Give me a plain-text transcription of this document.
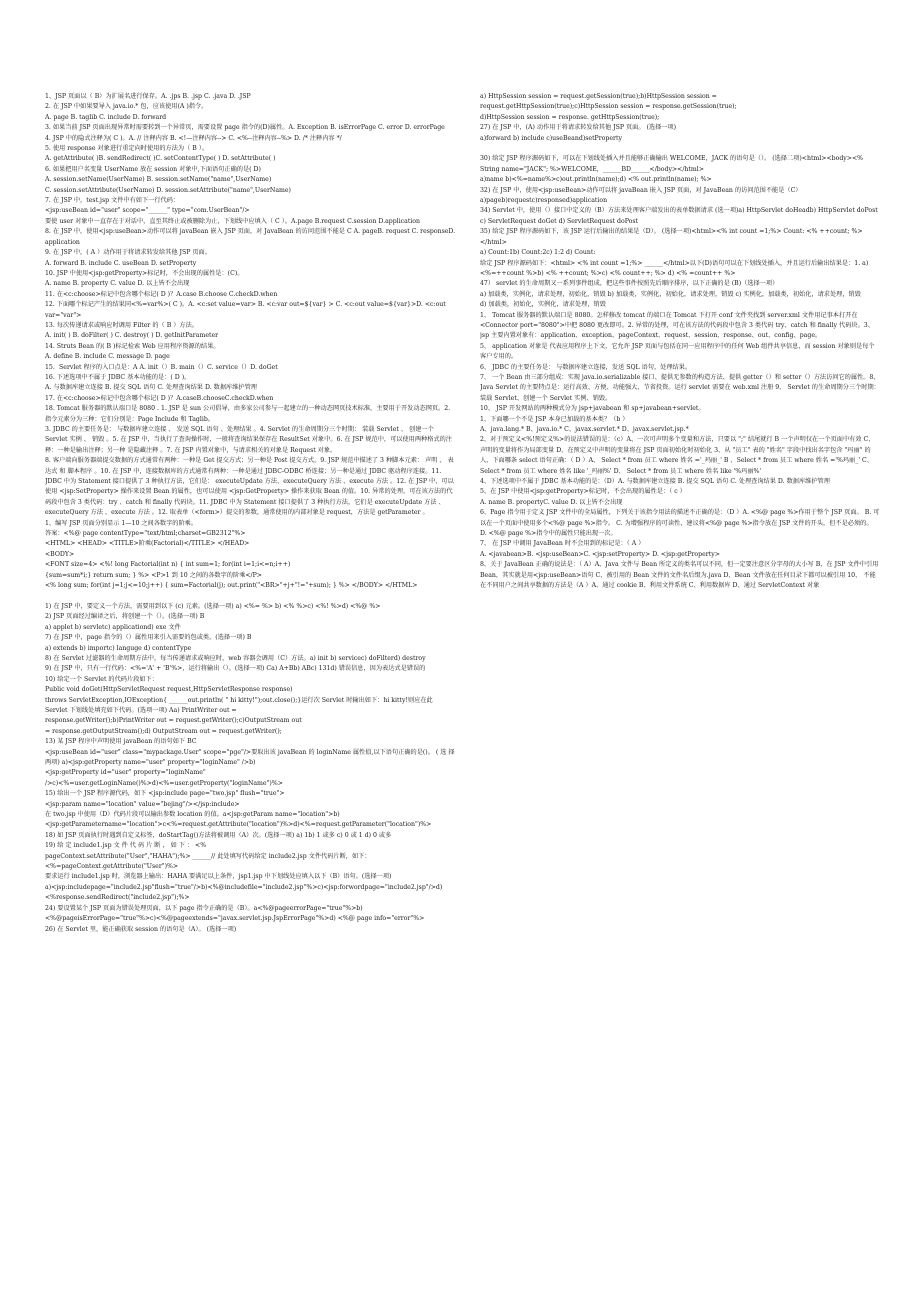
1、JSP 页面以（ B）为扩展名进行保存。A. .jps B. .jsp C. .java D. .JSP
2. 在 JSP 中如果要导入 java.io.* 包，应该使用(A )指令。
A. page B. taglib C. include D. forward
3. 如果当前 JSP 页面出现异常时需要转到一个异常页，需要设置 page 指令的(D)属性。A. Exception B. isErrorPage C. error D. errorPage
4. JSP 中的隐式注释为( C )。A. // 注释内容 B. <!—注释内容--> C. <%--注释内容--%> D. /* 注释内容 */
5. 使用 response 对象进行重定向时使用的方法为（ B ）。
A. getAttribute( )B. sendRedirect( )C. setContentType( ) D. setAttribute( )
6. 如果把用户名变量 UserName 放在 session 对象中,下面语句正确的是( D)
A. session.setName(UserName) B. session.setName("name",UserName)
C. session.setAttribute(UserName) D. session.setAttribute("name",UserName)
7. 在 JSP 中，test.jsp 文件中有如下一行代码：
<jsp:useBean id="user" scope="______" type="com.UserBean"/>
要使 user 对象中一直存在于对话中，直至其终止或被删除为止，下划线中应填入（ C ）。A.page B.request C.session D.application
8. 在 JSP 中，使用<jsp:useBean>动作可以将 javaBean 嵌入 JSP 页面，对 JavaBean 的访问范围不能是 C A. pageB. request C. responseD. application
9. 在 JSP 中，( A ）动作用于将请求转发给其他 JSP 页面。
A. forward B. include C. useBean D. setProperty
10. JSP 中使用<jsp:getProperty>标记时，不会出现的属性是：(C)。
A. name B. property C. value D. 以上皆不会出现
11. 在<c:choose>标记中包含哪个标记( D )？A.case B.choose C.checkD.when
12. 下面哪个标记产生的结果同<%=var%>( C )。A. <c:set value=var> B. <c:var out=${var} > C. <c:out value=${var}>D. <c:out var="var">
13. 每次传递请求或响应时调用 Filter 的（ B ）方法。
A. init( ) B. doFilter( ) C. destroy( ) D. getInitParameter
14. Struts Bean 的( B )标记检索 Web 应用程序资源的结果。
A. define B. include C. message D. page
15．Servlet 程序的入口点是：A A. init（）B. main（）C. service（）D. doGet
16. 下述选项中不属于 JDBC 基本功能的是：( D )。
A. 与数据库建立连接 B. 提交 SQL 语句 C. 处理查询结果 D. 数据库维护管理
17. 在<c:choose>标记中包含哪个标记( D )？A.caseB.chooseC.checkD.when
18. Tomcat 服务器的默认端口是 8080 . 1. JSP 是 sun 公司倡导，由多家公司参与一起建立的一种动态网页技术标准，主要用于开发动态网页。2. 指令元素分为三种：它们分别是：Page Include 和 Taglib。
3. JDBC 的主要任务是： 与数据库建立连接 、 发送 SQL 语句 、处理结果 。4. Servlet 的生命周期分三个时期： 装载 Servlet 、 创建一个 Servlet 实例 、 销毁 。5. 在 JSP 中，当执行了查询操作时，一般将查询结果保存在 ResultSet 对象中。6. 在 JSP 规范中，可以使用两种格式的注释：一种是输出注释；另一种 是隐藏注释 。7. 在 JSP 内置对象中，与请求相关的对象是 Request 对象。
8. 客户端向服务器端提交数据的方式通常有两种：一种是 Get 提交方式；另一种是 Post 提交方式。9. JSP 规范中描述了 3 种脚本元素： 声明 、 表达式 和 脚本程序 。10. 在 JSP 中，连接数据库的方式通常有两种：一种是通过 JDBC-ODBC 桥连接；另一种是通过 JDBC 驱动程序连接。11. JDBC 中为 Statement 接口提供了 3 种执行方法，它们是： executeUpdate 方法、executeQuery 方法 、execute 方法 。12. 在 JSP 中，可以使用 <jsp:SetProperty> 操作来设置 Bean 的属性，也可以使用 <jsp:GetProperty> 操作来获取 Bean 的值。10. 异常的处理，可在该方法的代码段中包含 3 类代码：try 、catch 和 finally 代码块。11. JDBC 中为 Statement 接口提供了 3 种执行方法，它们是 executeUpdate 方法 、executeQuery 方法 、execute 方法 。12. 取表单（<form>）提交的参数，通常使用的内部对象是 request，方法是 getParameter 。
1、编写 JSP 页面分别显示 1—10 之间各数字的阶乘。
答案：<%@ page contentType="text/html;charset=GB2312"%>
<HTML> <HEAD> <TITLE>阶乘(Factorial)</TITLE> </HEAD>
<BODY>
<FONT size=4> <%! long Factorial(int n) { int sum=1; for(int i=1;i<=n;i++)
{sum=sum*i;} return sum; } %> <P>1 到 10 之间的各数字的阶乘</P>
<% long sum; for(int j=1;j<=10;j++) { sum=Factorial(j); out.print("<BR>"+j+"!="+sum); } %> </BODY> </HTML>

1) 在 JSP 中，要定义一个方法，需要用到以下 (c) 元素。(选择一项) a) <%= %> b) <% %>c) <%! %>d) <%@ %>
2) JSP 页面经过编译之后，将创建一个（）。(选择一项) B
a) applet b) servletc) applicationd) exe 文件
7) 在 JSP 中，page 指令的（）属性用来引入需要的包或类。(选择一项) B
a) extends b) importc) languge d) contentType
8) 在 Servlet 过滤器的生命周期方法中，每当传递请求或响应时，web 容器会调用（C）方法。a) init b) servicec) doFilterd) destroy
9) 在 JSP 中，只有一行代码：<%='A' + 'B'%>，运行将输出（）。(选择一项) Ca) A+Bb) ABc) 131d) 错误信息，因为表达式是错误的
10) 给定一个 Servlet 的代码片段如下：
Public void doGet(HttpServletRequest request,HttpServletResponse response)
throws ServletException,IOException{ ______out.println( " hi kitty!");out.close();}运行次 Servlet 时输出如下：hi kitty!则应在此 Servlet 下划线处填充如下代码。(选项一项) Aa) PrintWriter out =
response.getWriter();b)PrintWriter out = request.getWriter();c)OutputStream out
= response.getOutputStream();d) OutputStream out = request.getWriter();
13) 某 JSP 程序中声明使用 javaBean 的语句如下 BC
<jsp:useBean id="user" class="mypackage.User" scope="pge"/>要取出该 javaBean 的 loginName 属性值,以下语句正确的是()。 ( 选 择 两项) a)<jsp:getProperty name="user" property="loginName" />b)
<jsp:getProperty id="user" property="loginName"
/>c)<%=user.getLoginName()%>d)<%=user.getProperty("loginName")%>
15) 给出一个 JSP 程序源代码，如下 <jsp:include page="two.jsp" flush="true">
<jsp:param name="location" value="bejing"/></jsp:include>
在 two.jsp 中使用（D）代码片段可以输出参数 location 的值。a<jsp:getParam name="location">b)<jsp:getParametername="location">c<%=request.getAttribute("location")%>d)<%=request.getParameter("location")%>
18) 如 JSP 页面执行时遇到自定义标签，doStartTag()方法将被调用（A）次。(选择一项) a) 1b) 1 或多 c) 0 或 1 d) 0 或多
19) 给 定 include1.jsp 文 件 代 码 片 断 ， 如 下 ： <%
pageContext.setAttribute("User","HAHA");%> ______// 此处填写代码给定 include2.jsp 文件代码片断，如下：<%=pageContext.getAttribute("User")%>
要求运行 include1.jsp 时，浏览器上输出：HAHA 要满足以上条件，jsp1.jsp 中下划线处应填入以下（B）语句。(选择一项)
a)<jsp:includepage="include2.jsp"flush="true"/>b)<%@includefile="include2.jsp"%>c)<jsp:forwordpage="include2.jsp"/>d)<%response.sendRedirect("include2.jsp");%>
24) 要设置某个 JSP 页面为错误处理页面，以下 page 指令正确的是（B）。a<%@pageerrorPage="true"%>b)<%@pageisErrorPage="true"%>c)<%@pageextends="javax.servlet.jsp.JspErrorPage"%>d) <%@ page info="error"%>
26) 在 Servlet 里，能正确获取 session 的语句是（A）。 (选择一项)
a) HttpSession session = request.getSession(true);b)HttpSession session =
request.getHttpSession(true);c)HttpSession session = response.getSession(true);
d)HttpSession session = response. getHttpSession(true);
27) 在 JSP 中，(A) 动作用于将请求转发给其他 JSP 页面。 (选择一项)
a)forward b) include c)useBeand)setProperty

30) 给定 JSP 程序源码如下，可以在下划线处插入并且能够正确输出 WELCOME，JACK 的语句是（）。 (选择二项)<html><body><% String name="JACK"; %>WELCOME，______BD______</body></html>
a)name b)<%=name%>c)out.println(name);d) <% out.println(name); %>
32) 在 JSP 中，使用<jsp:useBean>动作可以将 javaBean 嵌入 JSP 页面，对 JavaBean 的访问范围不能是（C）a)pageb)requestc)responsed)application
34) Servlet 中，使用（）接口中定义的（B）方法来处理客户端发出的表单数据请求 (选一项)a) HttpServlet doHeadb) HttpServlet doPost
c) ServletRequest doGet d) ServletRequest doPost
35) 给定 JSP 程序源码如下，该 JSP 运行后输出的结果是（D）。 (选择一项)<html><% int count =1;%> Count: <% ++count; %></html>
a) Count:1b) Count:2c) 1:2 d) Count:
给定 JSP 程序源码如下：<html> <% int count =1;%> ______</html>以下(D)语句可以在下划线处插入，并且运行后输出结果是：1. a) <%=++count %>b) <% ++count; %>c) <% count++; %> d) <% =count++ %>
47） servlet 的生命周期又一系列事件组成，把这些事件按照先后顺序排序，以下正确的是 (B)（选择一项）
a) 加载类，实例化，请求处理，初始化，销毁 b) 加载类，实例化，初始化，请求处理，销毁 c) 实例化，加载类，初始化，请求处理，销毁
d) 加载类，初始化，实例化，请求处理，销毁
1、 Tomcat 服务器的默认端口是 8080。怎样修改 tomcat 的端口在 Tomcat 下打开 conf 文件夹找到 server.xml 文件用记事本打开在<Connector port="8080">中把 8080 更改即可。2. 异常的处理，可在该方法的代码段中包含 3 类代码 try、catch 和 finally 代码块。3、 jsp 主要内置对象有：application、exception、pageContext、request、session、response、out、config、page。
5、 application 对象是 代表应用程序上下文，它允许 JSP 页面与包括在同一应用程序中的任何 Web 组件共享信息，而 session 对象则是每个客户专用的。
6、 JDBC 的主要任务是： 与数据库建立连接，发送 SQL 语句，处理结果。
7、 一个 Bean 由三部分组成：实现 java.io.serializable 接口、提供无参数的构造方法、提供 getter（）和 setter（）方法访问它的属性。8、 Java Servlet 的主要特点是：运行高效、方便、功能强大、节省投资。运行 servlet 需要在 web.xml 注册 9、 Servlet 的生命周期分三个时期：装载 Servlet、创建一个 Servlet 实例、销毁。
10、 JSP 开发网站的两种模式分为 jsp+javabean 和 sp+javabean+servlet。
1、下面哪一个不是 JSP 本身已加载的基本类？（b ）
A、java.lang.* B、java.io.* C、javax.servlet.* D、javax.servlet.jsp.*
2、对于预定义<%!预定义%>的说法错误的是：（c）A、一次可声明多个变量和方法，只要以 ";" 结尾就行 B 一个声明仅在一个页面中有效 C、声明的变量将作为局部变量 D、在预定义中声明的变量将在 JSP 页面初始化时初始化 3、从 "员工" 表的 "姓名" 字段中找出名字包含 "玛丽" 的人，下面哪条 select 语句正确：（ D ）A、 Select * from 员工 where 姓名 ='_玛丽_' B 、Select * from 员工 where 姓名 ='%玛丽_' C、 Select * from 员工 where 姓名 like '_玛丽%' D、 Select * from 员工 where 姓名 like '%玛丽%'
4、下述选项中不属于 JDBC 基本功能的是：（D）A. 与数据库建立连接 B. 提交 SQL 语句 C. 处理查询结果 D. 数据库维护管理
5、在 JSP 中使用<jsp:getProperty>标记时，不会出现的属性是：（ c ）
A. name B. propertyC. value D. 以上皆不会出现
6、Page 指令用于定义 JSP 文件中的全局属性，下列关于该指令用法的描述不正确的是：（D ）A. <%@ page %>作用于整个 JSP 页面。 B. 可以在一个页面中使用多个<%@ page %>指令。 C. 为增强程序的可读性，建议将<%@ page %>指令放在 JSP 文件的开头，但不是必须的。
D. <%@ page %>指令中的属性只能出现一次。
7、 在 JSP 中调用 JavaBean 时不会用到的标记是：（ A ）
A. <javabean>B. <jsp:useBean>C. <jsp:setProperty> D. <jsp:getProperty>
8、关于 JavaBean 正确的说法是：（ A）A、Java 文件与 Bean 所定义的类名可以不同，但一定要注意区分字母的大小写 B、在 JSP 文件中引用 Bean，其实就是用<jsp:useBean>语句 C、被引用的 Bean 文件的文件名后缀为.java D、Bean 文件放在任何目录下都可以被引用 10、 不能在不同用户之间共享数据的方法是（A ）A、通过 cookie B、利用文件系统 C、利用数据库 D、通过 ServletContext 对象
